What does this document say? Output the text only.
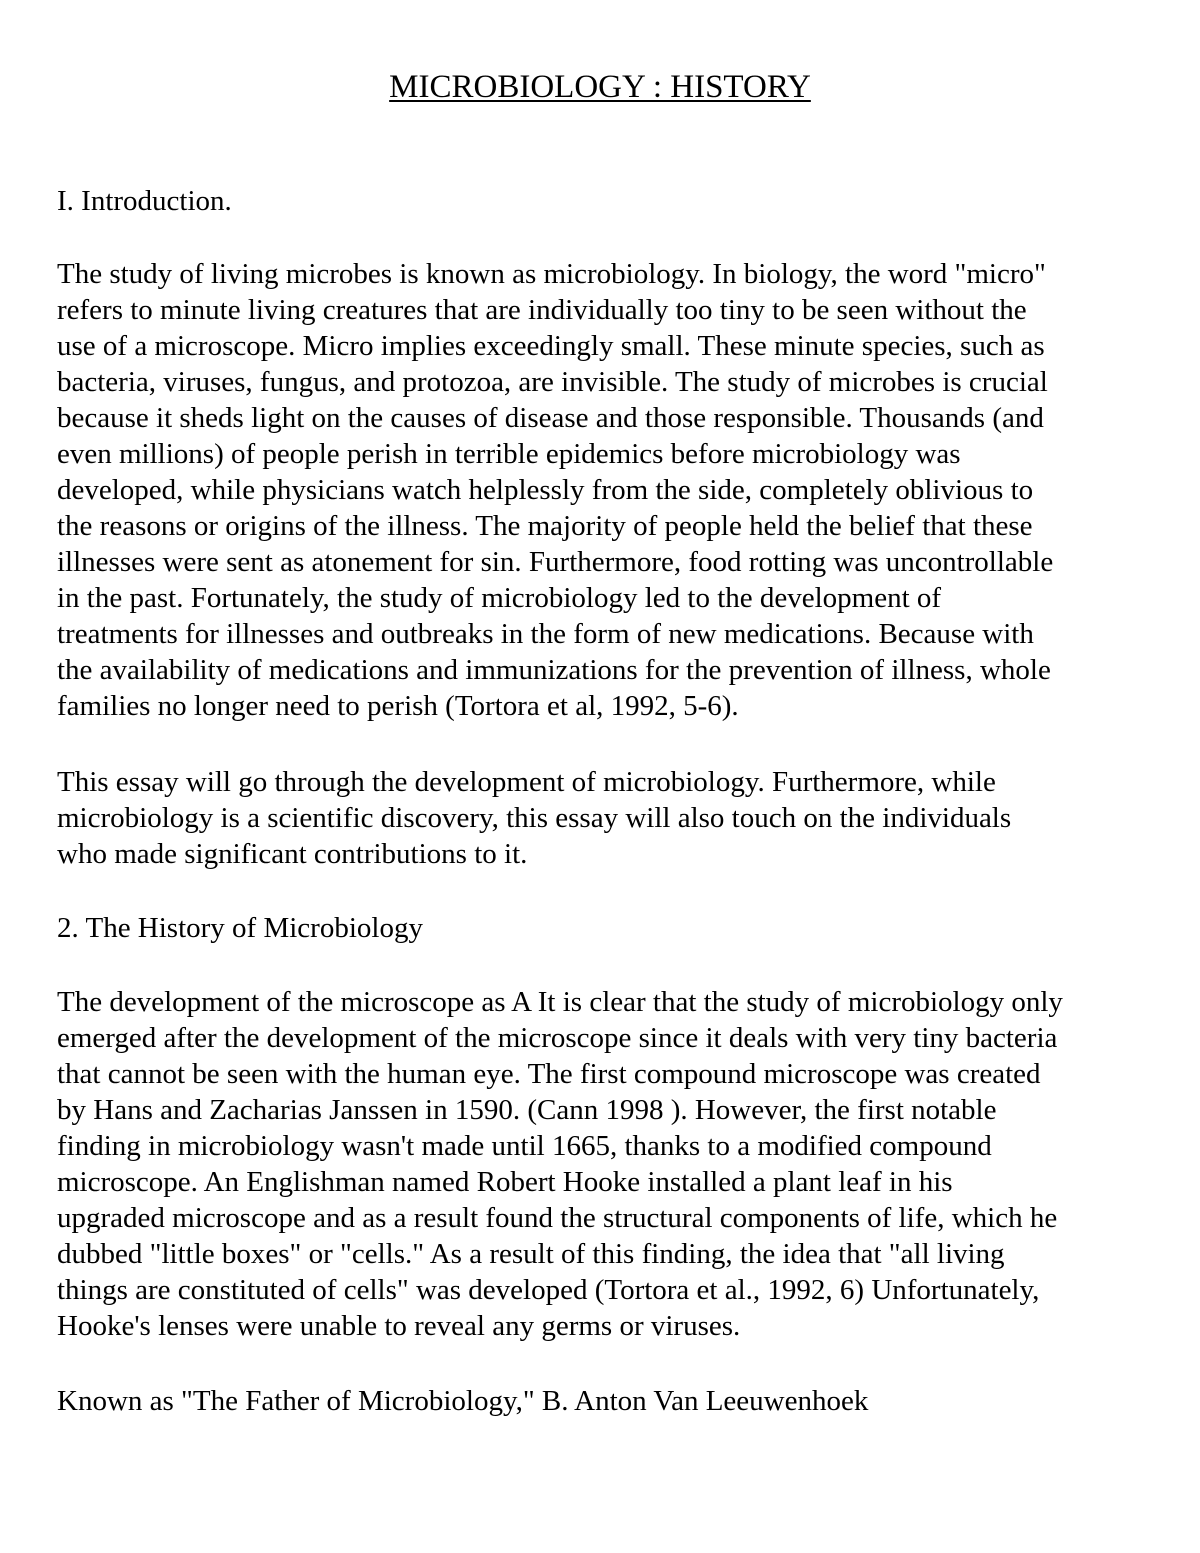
MICROBIOLOGY : HISTORY

I. Introduction.

The study of living microbes is known as microbiology. In biology, the word "micro"
refers to minute living creatures that are individually too tiny to be seen without the
use of a microscope. Micro implies exceedingly small. These minute species, such as
bacteria, viruses, fungus, and protozoa, are invisible. The study of microbes is crucial
because it sheds light on the causes of disease and those responsible. Thousands (and
even millions) of people perish in terrible epidemics before microbiology was
developed, while physicians watch helplessly from the side, completely oblivious to
the reasons or origins of the illness. The majority of people held the belief that these
illnesses were sent as atonement for sin. Furthermore, food rotting was uncontrollable
in the past. Fortunately, the study of microbiology led to the development of
treatments for illnesses and outbreaks in the form of new medications. Because with
the availability of medications and immunizations for the prevention of illness, whole
families no longer need to perish (Tortora et al, 1992, 5-6).

This essay will go through the development of microbiology. Furthermore, while
microbiology is a scientific discovery, this essay will also touch on the individuals
who made significant contributions to it.

2. The History of Microbiology

The development of the microscope as A It is clear that the study of microbiology only
emerged after the development of the microscope since it deals with very tiny bacteria
that cannot be seen with the human eye. The first compound microscope was created
by Hans and Zacharias Janssen in 1590. (Cann 1998 ). However, the first notable
finding in microbiology wasn't made until 1665, thanks to a modified compound
microscope. An Englishman named Robert Hooke installed a plant leaf in his
upgraded microscope and as a result found the structural components of life, which he
dubbed "little boxes" or "cells." As a result of this finding, the idea that "all living
things are constituted of cells" was developed (Tortora et al., 1992, 6) Unfortunately,
Hooke's lenses were unable to reveal any germs or viruses.

Known as "The Father of Microbiology," B. Anton Van Leeuwenhoek
